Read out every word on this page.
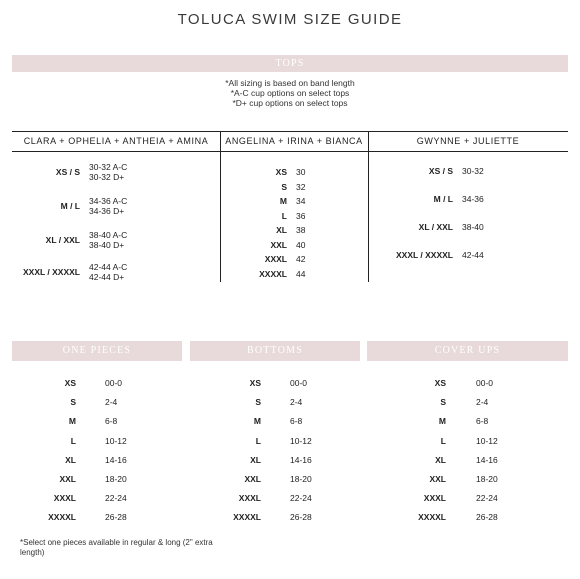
TOLUCA SWIM SIZE GUIDE
TOPS
*All sizing is based on band length
*A-C cup options on select tops
*D+ cup options on select tops
CLARA + OPHELIA + ANTHEIA + AMINA	ANGELINA + IRINA + BIANCA	GWYNNE + JULIETTE
XS / S 30-32 A-C
30-32 D+
M / L 34-36 A-C
34-36 D+
XL / XXL 38-40 A-C
38-40 D+
XXXL / XXXXL 42-44 A-C
42-44 D+
XS 30
S 32
M 34
L 36
XL 38
XXL 40
XXXL 42
XXXXL 44
XS / S 30-32
M / L 34-36
XL / XXL 38-40
XXXL / XXXXL 42-44
ONE PIECES	BOTTOMS	COVER UPS
XS	00-0
S	2-4
M	6-8
L	10-12
XL	14-16
XXL	18-20
XXXL	22-24
XXXXL	26-28
XS	00-0
S	2-4
M	6-8
L	10-12
XL	14-16
XXL	18-20
XXXL	22-24
XXXXL	26-28
XS	00-0
S	2-4
M	6-8
L	10-12
XL	14-16
XXL	18-20
XXXL	22-24
XXXXL	26-28
*Select one pieces available in regular & long (2" extra length)
